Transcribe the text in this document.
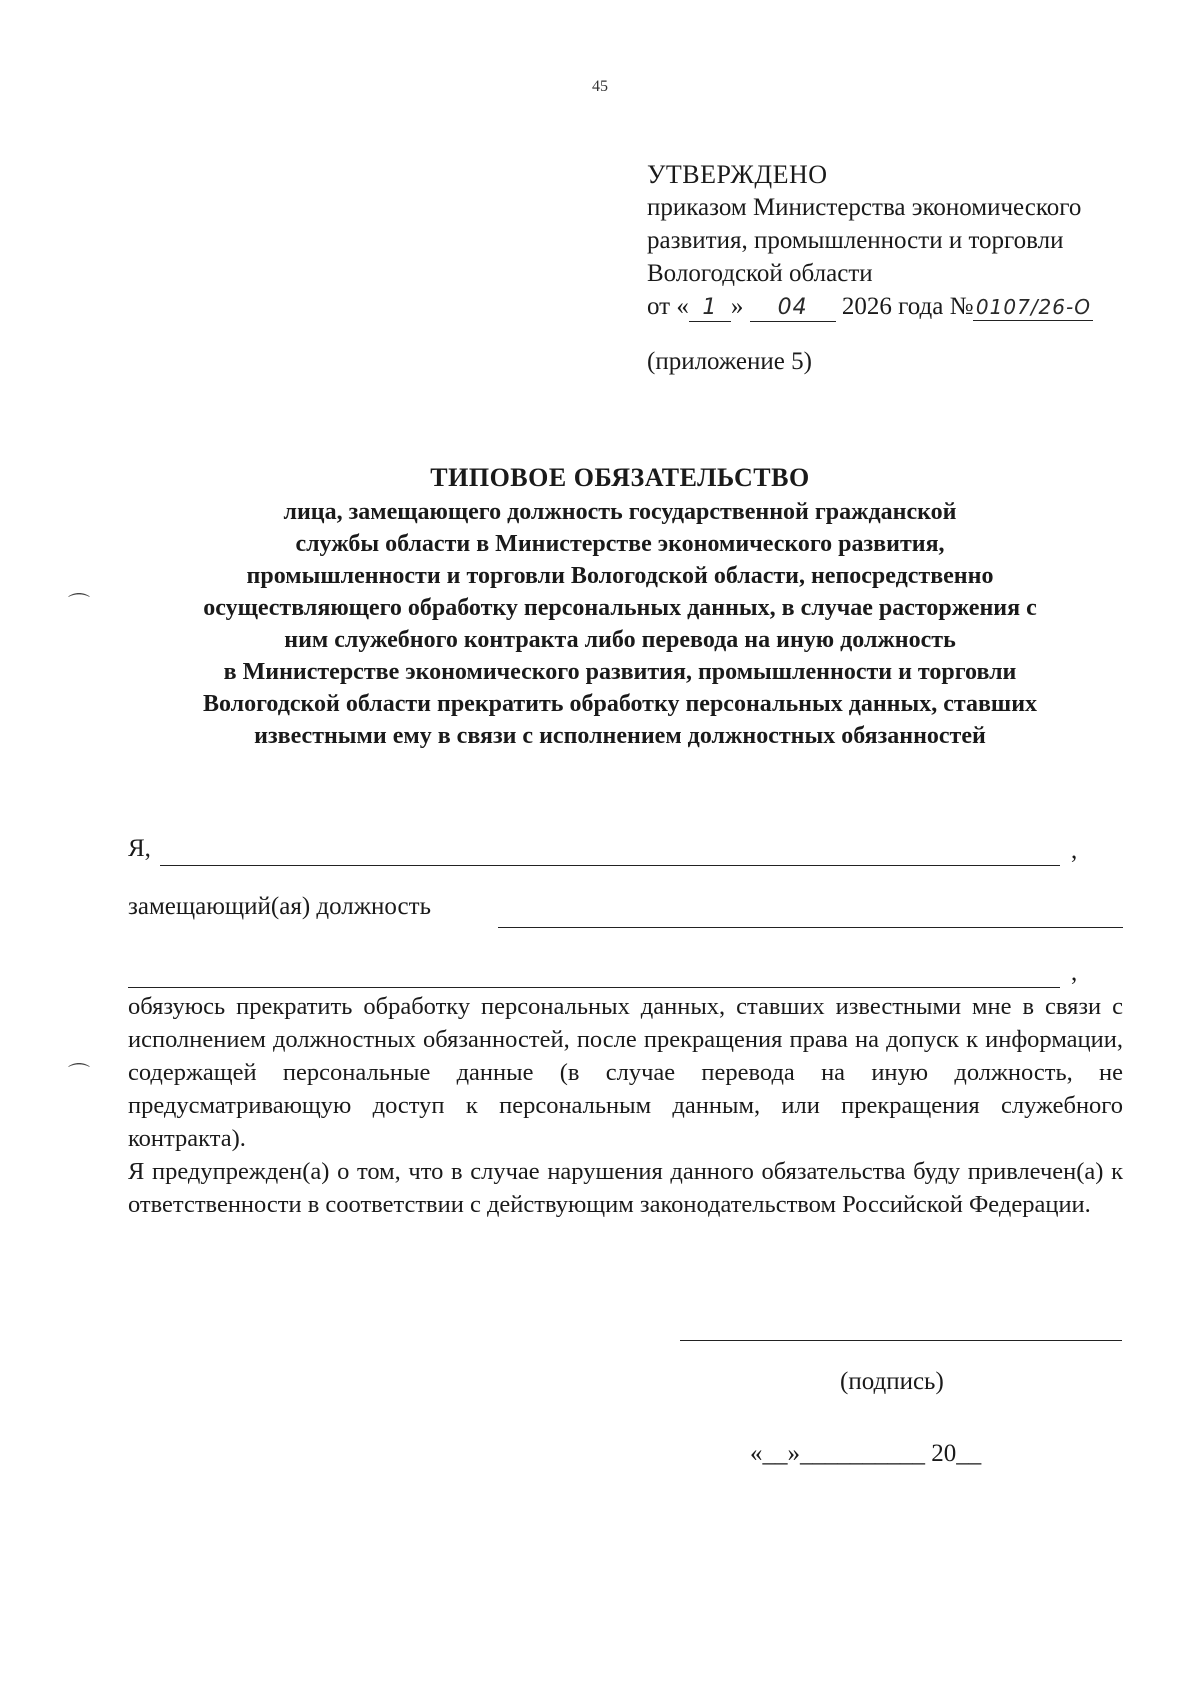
45
УТВЕРЖДЕНО
приказом Министерства экономического
развития, промышленности и торговли
Вологодской области
от « 1 » 04 2026 года № 0107/26-О
(приложение 5)
ТИПОВОЕ ОБЯЗАТЕЛЬСТВО
лица, замещающего должность государственной гражданской
службы области в Министерстве экономического развития,
промышленности и торговли Вологодской области, непосредственно
осуществляющего обработку персональных данных, в случае расторжения с
ним служебного контракта либо перевода на иную должность
в Министерстве экономического развития, промышленности и торговли
Вологодской области прекратить обработку персональных данных, ставших
известными ему в связи с исполнением должностных обязанностей
⌒
⌒
Я,	,
замещающий(ая) должность
,

обязуюсь прекратить обработку персональных данных, ставших известными мне в связи с исполнением должностных обязанностей, после прекращения права на допуск к информации, содержащей персональные данные (в случае перевода на иную должность, не предусматривающую доступ к персональным данным, или прекращения служебного контракта).

Я предупрежден(а) о том, что в случае нарушения данного обязательства буду привлечен(а) к ответственности в соответствии с действующим законодательством Российской Федерации.

(подпись)
«__»__________ 20__
